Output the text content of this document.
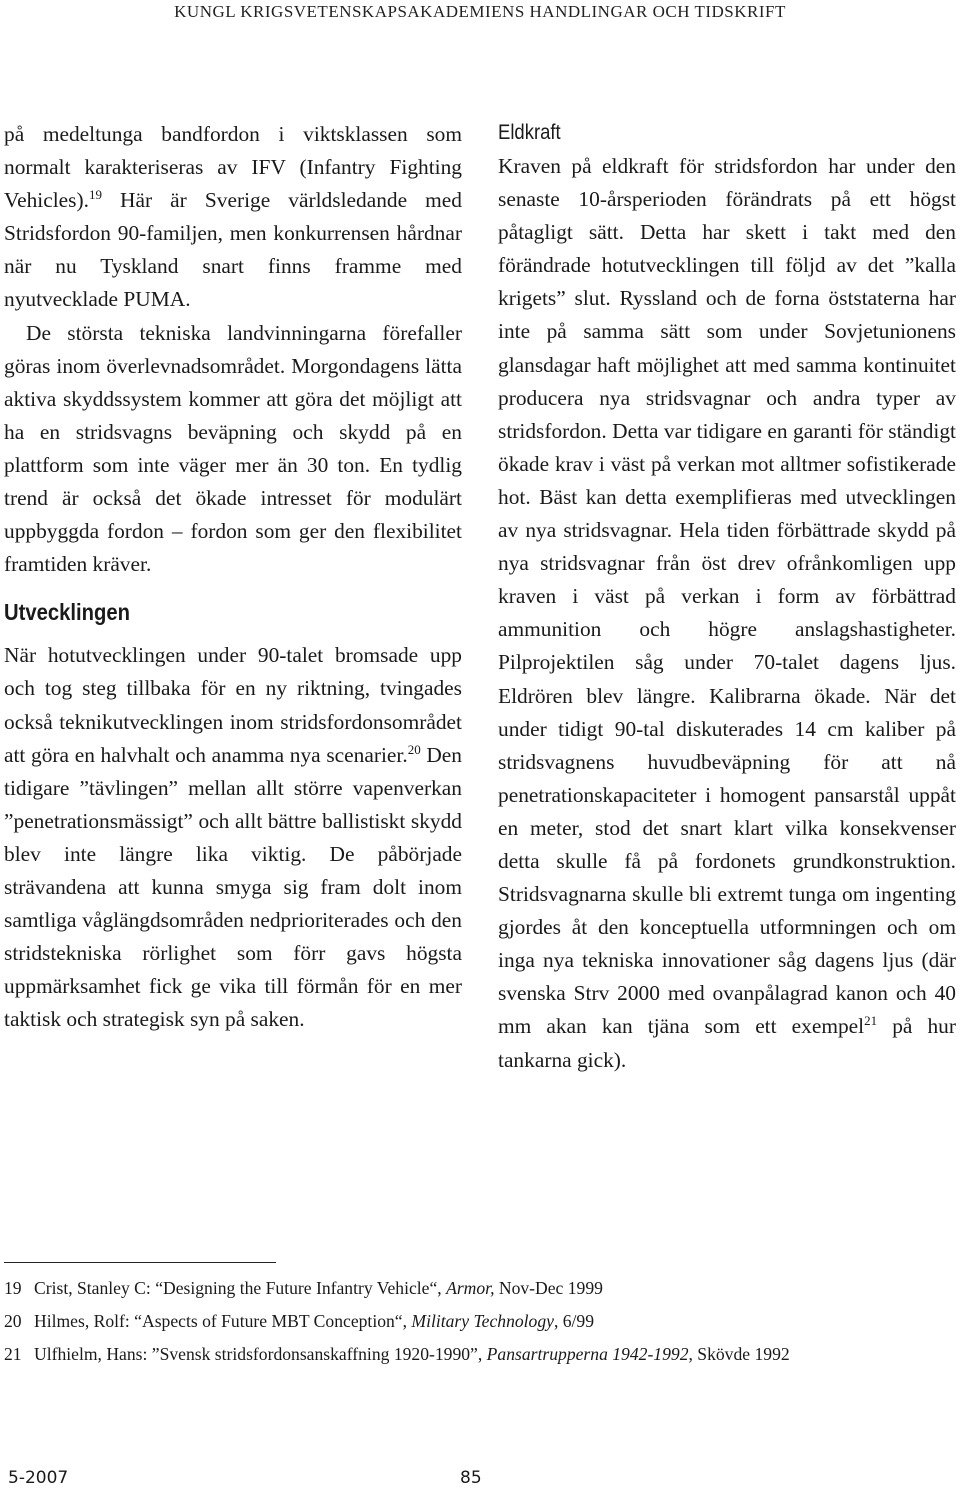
KUNGL KRIGSVETENSKAPSAKADEMIENS HANDLINGAR OCH TIDSKRIFT

på medeltunga bandfordon i viktsklassen som normalt karakteriseras av IFV (Infantry Fighting Vehicles).$^{19}$ Här är Sverige världsledande med Stridsfordon 90-familjen, men konkurrensen hårdnar när nu Tyskland snart finns framme med nyutvecklade PUMA.

De största tekniska landvinningarna förefaller göras inom överlevnadsområdet. Morgondagens lätta aktiva skyddssystem kommer att göra det möjligt att ha en stridsvagns beväpning och skydd på en plattform som inte väger mer än 30 ton. En tydlig trend är också det ökade intresset för modulärt uppbyggda fordon – fordon som ger den flexibilitet framtiden kräver.

Utvecklingen

När hotutvecklingen under 90-talet bromsade upp och tog steg tillbaka för en ny riktning, tvingades också teknikutvecklingen inom stridsfordonsområdet att göra en halvhalt och anamma nya scenarier.$^{20}$ Den tidigare ”tävlingen” mellan allt större vapenverkan ”penetrationsmässigt” och allt bättre ballistiskt skydd blev inte längre lika viktig. De påbörjade strävandena att kunna smyga sig fram dolt inom samtliga våglängdsområden nedprioriterades och den stridstekniska rörlighet som förr gavs högsta uppmärksamhet fick ge vika till förmån för en mer taktisk och strategisk syn på saken.

Eldkraft

Kraven på eldkraft för stridsfordon har under den senaste 10-årsperioden förändrats på ett högst påtagligt sätt. Detta har skett i takt med den förändrade hotutvecklingen till följd av det ”kalla krigets” slut. Ryssland och de forna öststaterna har inte på samma sätt som under Sovjetunionens glansdagar haft möjlighet att med samma kontinuitet producera nya stridsvagnar och andra typer av stridsfordon. Detta var tidigare en garanti för ständigt ökade krav i väst på verkan mot alltmer sofistikerade hot. Bäst kan detta exemplifieras med utvecklingen av nya stridsvagnar. Hela tiden förbättrade skydd på nya stridsvagnar från öst drev ofrånkomligen upp kraven i väst på verkan i form av förbättrad ammunition och högre anslagshastigheter. Pilprojektilen såg under 70-talet dagens ljus. Eldrören blev längre. Kalibrarna ökade. När det under tidigt 90-tal diskuterades 14 cm kaliber på stridsvagnens huvudbeväpning för att nå penetrationskapaciteter i homogent pansarstål uppåt en meter, stod det snart klart vilka konsekvenser detta skulle få på fordonets grundkonstruktion. Stridsvagnarna skulle bli extremt tunga om ingenting gjordes åt den konceptuella utformningen och om inga nya tekniska innovationer såg dagens ljus (där svenska Strv 2000 med ovanpålagrad kanon och 40 mm akan kan tjäna som ett exempel$^{21}$ på hur tankarna gick).

19 Crist, Stanley C: “Designing the Future Infantry Vehicle“, Armor, Nov-Dec 1999
20 Hilmes, Rolf: “Aspects of Future MBT Conception“, Military Technology, 6/99
21 Ulfhielm, Hans: ”Svensk stridsfordonsanskaffning 1920-1990”, Pansartrupperna 1942-1992, Skövde 1992
5-2007	85
